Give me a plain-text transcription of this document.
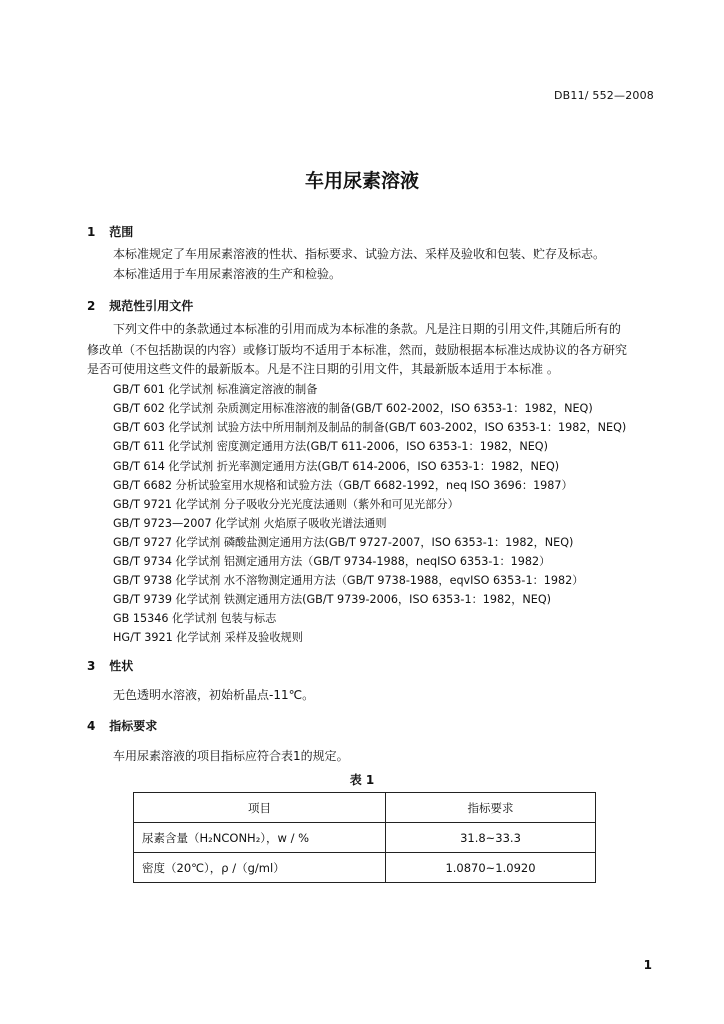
DB11/ 552—2008
车用尿素溶液
1 范围
本标准规定了车用尿素溶液的性状、指标要求、试验方法、采样及验收和包装、贮存及标志。
本标准适用于车用尿素溶液的生产和检验。
2 规范性引用文件
下列文件中的条款通过本标准的引用而成为本标准的条款。凡是注日期的引用文件,其随后所有的
修改单（不包括勘误的内容）或修订版均不适用于本标准，然而，鼓励根据本标准达成协议的各方研究
是否可使用这些文件的最新版本。凡是不注日期的引用文件，其最新版本适用于本标准 。
GB/T 601 化学试剂 标准滴定溶液的制备
GB/T 602 化学试剂 杂质测定用标准溶液的制备(GB/T 602-2002，ISO 6353-1：1982，NEQ)
GB/T 603 化学试剂 试验方法中所用制剂及制品的制备(GB/T 603-2002，ISO 6353-1：1982，NEQ)
GB/T 611 化学试剂 密度测定通用方法(GB/T 611-2006，ISO 6353-1：1982，NEQ)
GB/T 614 化学试剂 折光率测定通用方法(GB/T 614-2006，ISO 6353-1：1982，NEQ)
GB/T 6682 分析试验室用水规格和试验方法（GB/T 6682-1992，neq ISO 3696：1987）
GB/T 9721 化学试剂 分子吸收分光光度法通则（紫外和可见光部分）
GB/T 9723—2007 化学试剂 火焰原子吸收光谱法通则
GB/T 9727 化学试剂 磷酸盐测定通用方法(GB/T 9727-2007，ISO 6353-1：1982，NEQ)
GB/T 9734 化学试剂 铝测定通用方法（GB/T 9734-1988，neqISO 6353-1：1982）
GB/T 9738 化学试剂 水不溶物测定通用方法（GB/T 9738-1988，eqvISO 6353-1：1982）
GB/T 9739 化学试剂 铁测定通用方法(GB/T 9739-2006，ISO 6353-1：1982，NEQ)
GB 15346 化学试剂 包装与标志
HG/T 3921 化学试剂 采样及验收规则
3 性状
无色透明水溶液，初始析晶点-11℃。
4 指标要求
车用尿素溶液的项目指标应符合表1的规定。
表 1
项目	指标要求
尿素含量（H₂NCONH₂），w / %	31.8~33.3
密度（20℃），ρ /（g/ml）	1.0870~1.0920
1
